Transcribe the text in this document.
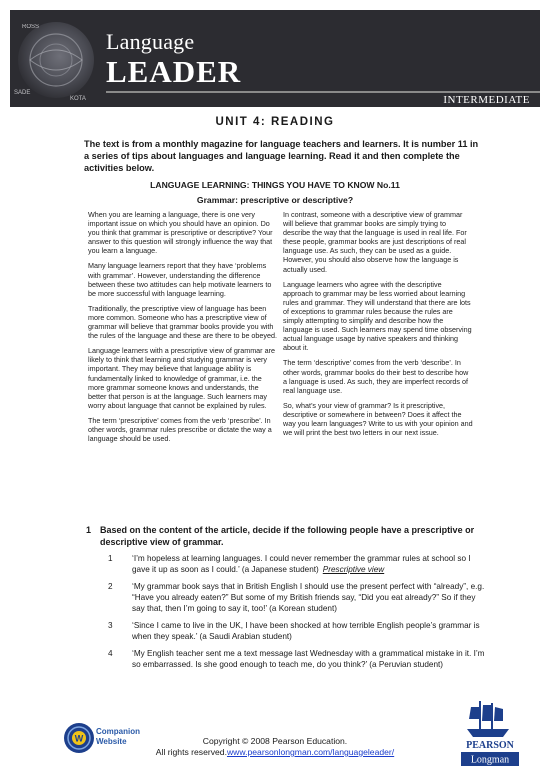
ROSS
KOTA
SADE
Language
LEADER
INTERMEDIATE
UNIT 4: READING
The text is from a monthly magazine for language teachers and learners. It is number 11 in a series of tips about languages and language learning. Read it and then complete the activities below.
LANGUAGE LEARNING: THINGS YOU HAVE TO KNOW No.11
Grammar: prescriptive or descriptive?

When you are learning a language, there is one very important issue on which you should have an opinion. Do you think that grammar is prescriptive or descriptive? Your answer to this question will strongly influence the way that you learn a language.

Many language learners report that they have ‘problems with grammar’. However, understanding the difference between these two attitudes can help motivate learners to be more successful with language learning.

Traditionally, the prescriptive view of language has been more common. Someone who has a prescriptive view of grammar will believe that grammar books provide you with the rules of the language and these are there to be obeyed.

Language learners with a prescriptive view of grammar are likely to think that learning and studying grammar is very important. They may believe that language ability is fundamentally linked to knowledge of grammar, i.e. the more grammar someone knows and understands, the better that person is at the language. Such learners may worry about language that cannot be explained by rules.

The term ‘prescriptive’ comes from the verb ‘prescribe’. In other words, grammar rules prescribe or dictate the way a language should be used.

In contrast, someone with a descriptive view of grammar will believe that grammar books are simply trying to describe the way that the language is used in real life. For these people, grammar books are just descriptions of real language use. As such, they can be used as a guide. However, you should also observe how the language is actually used.

Language learners who agree with the descriptive approach to grammar may be less worried about learning rules and grammar. They will understand that there are lots of exceptions to grammar rules because the rules are simply attempting to simplify and describe how the language is used. Such learners may spend time observing actual language usage by native speakers and thinking about it.

The term ‘descriptive’ comes from the verb ‘describe’. In other words, grammar books do their best to describe how a language is used. As such, they are imperfect records of real language use.

So, what’s your view of grammar? Is it prescriptive, descriptive or somewhere in between? Does it affect the way you learn languages? Write to us with your opinion and we will print the best two letters in our next issue.

1 Based on the content of the article, decide if the following people have a prescriptive or descriptive view of grammar.
1	‘I’m hopeless at learning languages. I could never remember the grammar rules at school so I gave it up as soon as I could.’ (a Japanese student) Prescriptive view
2	‘My grammar book says that in British English I should use the present perfect with “already”, e.g. “Have you already eaten?” But some of my British friends say, “Did you eat already?” So if they say that, then I’m going to say it, too!’ (a Korean student)
3	‘Since I came to live in the UK, I have been shocked at how terrible English people’s grammar is when they speak.’ (a Saudi Arabian student)
4	‘My English teacher sent me a text message last Wednesday with a grammatical mistake in it. I’m so embarrassed. Is she good enough to teach me, do you think?’ (a Peruvian student)
W
Companion
Website	PEARSON
Longman
Copyright © 2008 Pearson Education.
All rights reserved.www.pearsonlongman.com/languageleader/
